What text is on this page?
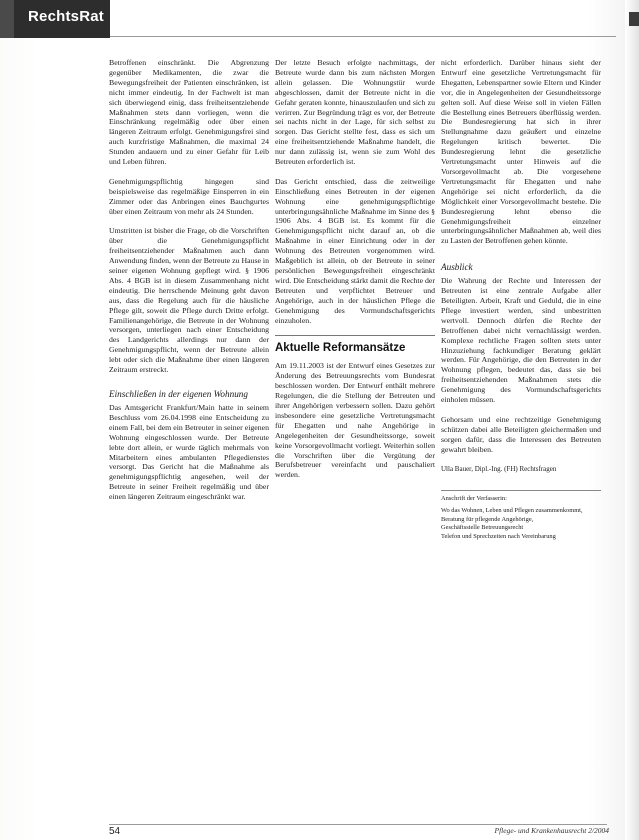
RechtsRat

Betroffenen einschränkt. Die Abgrenzung gegenüber Medikamenten, die zwar die Bewegungsfreiheit der Patienten einschränken, ist nicht immer eindeutig. In der Fachwelt ist man sich überwiegend einig, dass freiheitsentziehende Maßnahmen stets dann vorliegen, wenn die Einschränkung regelmäßig oder über einen längeren Zeitraum erfolgt. Genehmigungsfrei sind auch kurzfristige Maßnahmen, die maximal 24 Stunden andauern und zu einer Gefahr für Leib und Leben führen.

Genehmigungspflichtig hingegen sind beispielsweise das regelmäßige Einsperren in ein Zimmer oder das Anbringen eines Bauchgurtes über einen Zeitraum von mehr als 24 Stunden.

Umstritten ist bisher die Frage, ob die Vorschriften über die Genehmigungspflicht freiheitsentziehender Maßnahmen auch dann Anwendung finden, wenn der Betreute zu Hause in seiner eigenen Wohnung gepflegt wird. § 1906 Abs. 4 BGB ist in diesem Zusammenhang nicht eindeutig. Die herrschende Meinung geht davon aus, dass die Regelung auch für die häusliche Pflege gilt, soweit die Pflege durch Dritte erfolgt. Familienangehörige, die Betreute in der Wohnung versorgen, unterliegen nach einer Entscheidung des Landgerichts allerdings nur dann der Genehmigungspflicht, wenn der Betreute allein lebt oder sich die Maßnahme über einen längeren Zeitraum erstreckt.

Einschließen in der eigenen Wohnung

Das Amtsgericht Frankfurt/Main hatte in seinem Beschluss vom 26.04.1998 eine Entscheidung zu einem Fall, bei dem ein Betreuter in seiner eigenen Wohnung eingeschlossen wurde. Der Betreute lebte dort allein, er wurde täglich mehrmals von Mitarbeitern eines ambulanten Pflegedienstes versorgt. Das Gericht hat die Maßnahme als genehmigungspflichtig angesehen, weil der Betreute in seiner Freiheit regelmäßig und über einen längeren Zeitraum eingeschränkt war.

Der letzte Besuch erfolgte nachmittags, der Betreute wurde dann bis zum nächsten Morgen allein gelassen. Die Wohnungstür wurde abgeschlossen, damit der Betreute nicht in die Gefahr geraten konnte, hinauszulaufen und sich zu verirren. Zur Begründung trägt es vor, der Betreute sei nachts nicht in der Lage, für sich selbst zu sorgen. Das Gericht stellte fest, dass es sich um eine freiheitsentziehende Maßnahme handelt, die nur dann zulässig ist, wenn sie zum Wohl des Betreuten erforderlich ist.

Das Gericht entschied, dass die zeitweilige Einschließung eines Betreuten in der eigenen Wohnung eine genehmigungspflichtige unterbringungsähnliche Maßnahme im Sinne des § 1906 Abs. 4 BGB ist. Es kommt für die Genehmigungspflicht nicht darauf an, ob die Maßnahme in einer Einrichtung oder in der Wohnung des Betreuten vorgenommen wird. Maßgeblich ist allein, ob der Betreute in seiner persönlichen Bewegungsfreiheit eingeschränkt wird. Die Entscheidung stärkt damit die Rechte der Betreuten und verpflichtet Betreuer und Angehörige, auch in der häuslichen Pflege die Genehmigung des Vormundschaftsgerichts einzuholen.

Aktuelle Reformansätze

Am 19.11.2003 ist der Entwurf eines Gesetzes zur Änderung des Betreuungsrechts vom Bundesrat beschlossen worden. Der Entwurf enthält mehrere Regelungen, die die Stellung der Betreuten und ihrer Angehörigen verbessern sollen. Dazu gehört insbesondere eine gesetzliche Vertretungsmacht für Ehegatten und nahe Angehörige in Angelegenheiten der Gesundheitssorge, soweit keine Vorsorgevollmacht vorliegt. Weiterhin sollen die Vorschriften über die Vergütung der Berufsbetreuer vereinfacht und pauschaliert werden.

nicht erforderlich. Darüber hinaus sieht der Entwurf eine gesetzliche Vertretungsmacht für Ehegatten, Lebenspartner sowie Eltern und Kinder vor, die in Angelegenheiten der Gesundheitssorge gelten soll. Auf diese Weise soll in vielen Fällen die Bestellung eines Betreuers überflüssig werden. Die Bundesregierung hat sich in ihrer Stellungnahme dazu geäußert und einzelne Regelungen kritisch bewertet. Die Bundesregierung lehnt die gesetzliche Vertretungsmacht unter Hinweis auf die Vorsorgevollmacht ab. Die vorgesehene Vertretungsmacht für Ehegatten und nahe Angehörige sei nicht erforderlich, da die Möglichkeit einer Vorsorgevollmacht bestehe. Die Bundesregierung lehnt ebenso die Genehmigungsfreiheit einzelner unterbringungsähnlicher Maßnahmen ab, weil dies zu Lasten der Betroffenen gehen könnte.

Ausblick

Die Wahrung der Rechte und Interessen der Betreuten ist eine zentrale Aufgabe aller Beteiligten. Arbeit, Kraft und Geduld, die in eine Pflege investiert werden, sind unbestritten wertvoll. Dennoch dürfen die Rechte der Betroffenen dabei nicht vernachlässigt werden. Komplexe rechtliche Fragen sollten stets unter Hinzuziehung fachkundiger Beratung geklärt werden. Für Angehörige, die den Betreuten in der Wohnung pflegen, bedeutet das, dass sie bei freiheitsentziehenden Maßnahmen stets die Genehmigung des Vormundschaftsgerichts einholen müssen.

Gehorsam und eine rechtzeitige Genehmigung schützen dabei alle Beteiligten gleichermaßen und sorgen dafür, dass die Interessen des Betreuten gewahrt bleiben.

Ulla Bauer, Dipl.-Ing. (FH) Rechtsfragen
Anschrift der Verfasserin:
Wo das Wohnen, Leben und Pflegen zusammenkommt,
Beratung für pflegende Angehörige,
Geschäftsstelle Betreuungsrecht
Telefon und Sprechzeiten nach Vereinbarung
54	Pflege- und Krankenhausrecht 2/2004
